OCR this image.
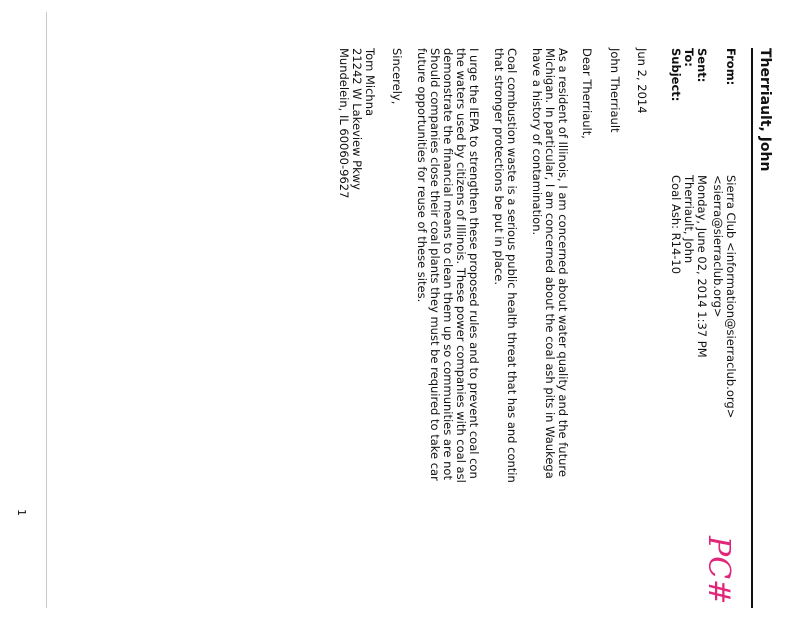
1
Therriault, John
From:
Sierra Club <information@sierraclub.org>
<sierra@sierraclub.org>
Sent:
Monday, June 02, 2014 1:37 PM
To:
Therriault, John
Subject:
Coal Ash: R14-10
Jun 2, 2014
John Therriault
Dear Therriault,
As a resident of Illinois, I am concerned about water quality and the future
Michigan. In particular, I am concerned about the coal ash pits in Waukega
have a history of contamination.
Coal combustion waste is a serious public health threat that has and contin
that stronger protections be put in place.
I urge the IEPA to strengthen these proposed rules and to prevent coal con
the waters used by citizens of Illinois. These power companies with coal asl
demonstrate the financial means to clean them up so communities are not
Should companies close their coal plants they must be required to take car
future opportunities for reuse of these sites.
Sincerely,
Tom Michna
21242 W Lakeview Pkwy
Mundelein, IL 60060-9627
PC#
